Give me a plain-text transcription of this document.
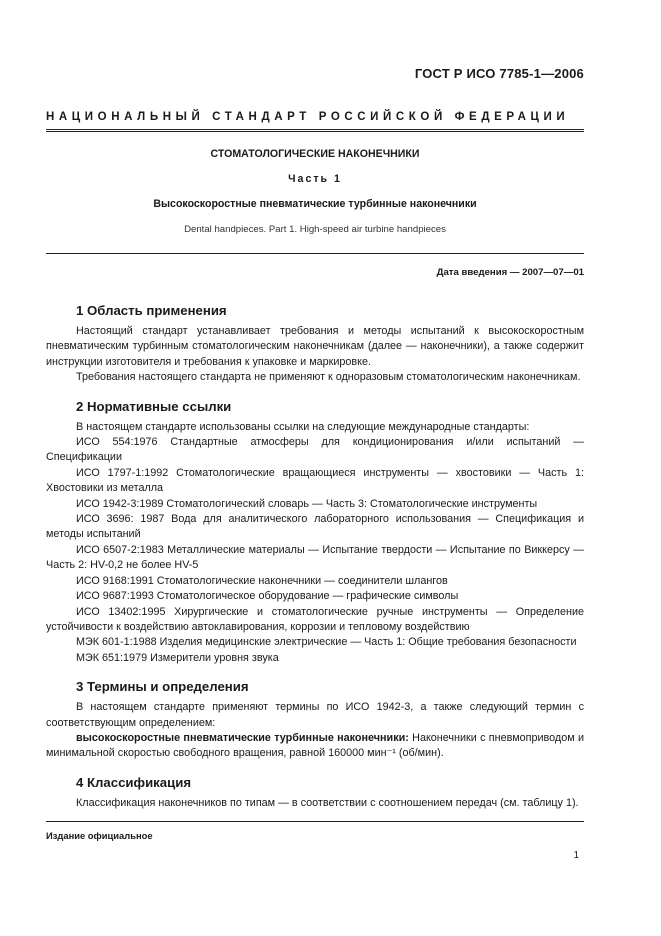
ГОСТ Р ИСО 7785-1—2006
НАЦИОНАЛЬНЫЙ СТАНДАРТ РОССИЙСКОЙ ФЕДЕРАЦИИ
СТОМАТОЛОГИЧЕСКИЕ НАКОНЕЧНИКИ
Часть 1
Высокоскоростные пневматические турбинные наконечники
Dental handpieces. Part 1. High-speed air turbine handpieces
Дата введения — 2007—07—01
1 Область применения

Настоящий стандарт устанавливает требования и методы испытаний к высокоскоростным пневматическим турбинным стоматологическим наконечникам (далее — наконечники), а также содержит инструкции изготовителя и требования к упаковке и маркировке.

Требования настоящего стандарта не применяют к одноразовым стоматологическим наконечникам.

2 Нормативные ссылки

В настоящем стандарте использованы ссылки на следующие международные стандарты:

ИСО 554:1976 Стандартные атмосферы для кондиционирования и/или испытаний — Спецификации

ИСО 1797-1:1992 Стоматологические вращающиеся инструменты — хвостовики — Часть 1: Хвостовики из металла

ИСО 1942-3:1989 Стоматологический словарь — Часть 3: Стоматологические инструменты

ИСО 3696: 1987 Вода для аналитического лабораторного использования — Спецификация и методы испытаний

ИСО 6507-2:1983 Металлические материалы — Испытание твердости — Испытание по Виккерсу — Часть 2: HV-0,2 не более HV-5

ИСО 9168:1991 Стоматологические наконечники — соединители шлангов

ИСО 9687:1993 Стоматологическое оборудование — графические символы

ИСО 13402:1995 Хирургические и стоматологические ручные инструменты — Определение устойчивости к воздействию автоклавирования, коррозии и тепловому воздействию

МЭК 601-1:1988 Изделия медицинские электрические — Часть 1: Общие требования безопасности

МЭК 651:1979 Измерители уровня звука

3 Термины и определения

В настоящем стандарте применяют термины по ИСО 1942-3, а также следующий термин с соответствующим определением:

высокоскоростные пневматические турбинные наконечники: Наконечники с пневмоприводом и минимальной скоростью свободного вращения, равной 160000 мин⁻¹ (об/мин).

4 Классификация

Классификация наконечников по типам — в соответствии с соотношением передач (см. таблицу 1).

Издание официальное
1
